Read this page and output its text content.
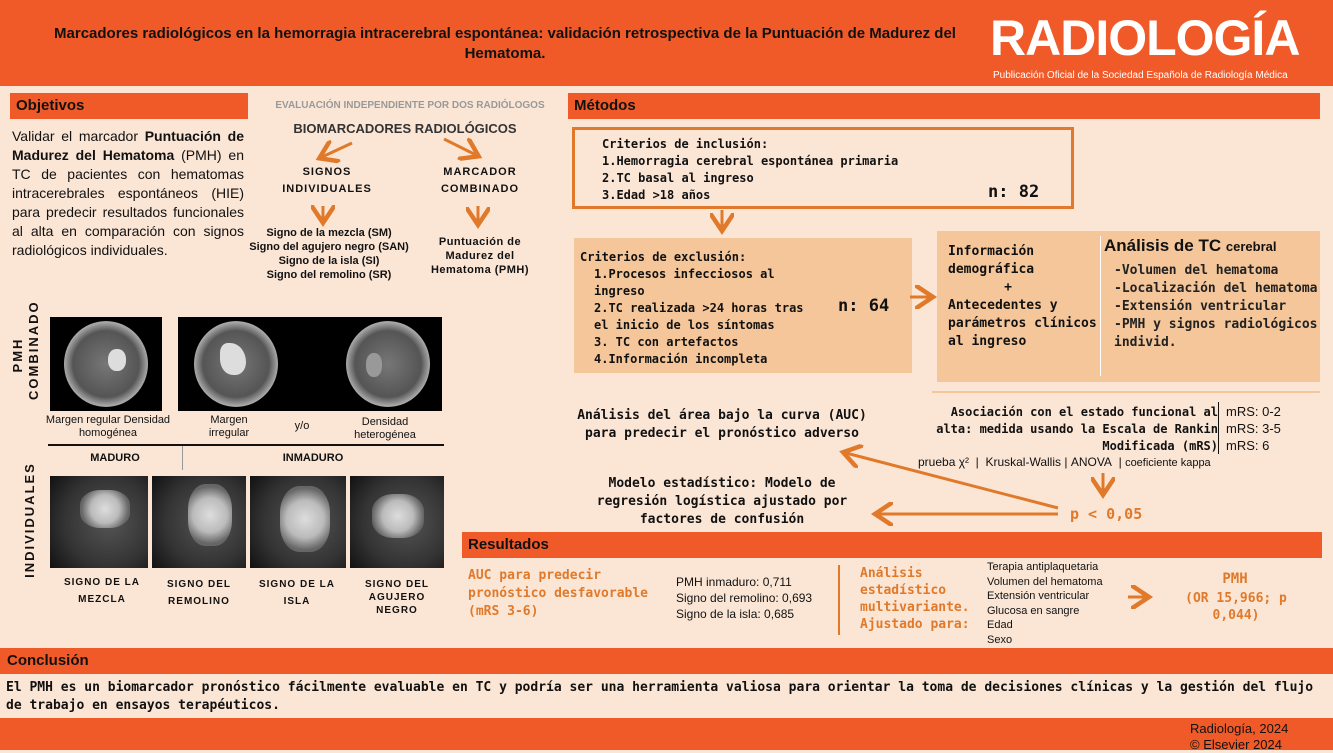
Marcadores radiológicos en la hemorragia intracerebral espontánea: validación retrospectiva de la Puntuación de Madurez del Hematoma.	RADIOLOGÍA
Publicación Oficial de la Sociedad Española de Radiología Médica
Objetivos
Validar el marcador Puntuación de Madurez del Hematoma (PMH) en TC de pacientes con hematomas intracerebrales espontáneos (HIE) para predecir resultados funcionales al alta en comparación con signos radiológicos individuales.
EVALUACIÓN INDEPENDIENTE POR DOS RADIÓLOGOS
BIOMARCADORES RADIOLÓGICOS
SIGNOS INDIVIDUALES
MARCADOR COMBINADO
Signo de la mezcla (SM)
Signo del agujero negro (SAN)
Signo de la isla (SI)
Signo del remolino (SR)
Puntuación de Madurez del Hematoma (PMH)
PMH COMBINADO
Margen regular Densidad homogénea
Margen irregular
y/o	Densidad heterogénea
MADURO	INMADURO
INDIVIDUALES
SIGNO DE LA MEZCLA
SIGNO DEL REMOLINO
SIGNO DE LA ISLA
SIGNO DEL AGUJERO NEGRO
Métodos
Criterios de inclusión:
1.Hemorragia cerebral espontánea primaria
2.TC basal al ingreso
3.Edad >18 años	n: 82
Criterios de exclusión:
1.Procesos infecciosos al ingreso
2.TC realizada >24 horas tras el inicio de los síntomas
3. TC con artefactos
4.Información incompleta
n: 64
Información demográfica
+
Antecedentes y parámetros clínicos al ingreso
Análisis de TC cerebral
-Volumen del hematoma
-Localización del hematoma
-Extensión ventricular
-PMH y signos radiológicos individ.
Asociación con el estado funcional al alta: medida usando la Escala de Rankin Modificada (mRS)
mRS: 0-2
mRS: 3-5
mRS: 6
prueba χ²  |  Kruskal-Wallis | ANOVA  | coeficiente kappa
Análisis del área bajo la curva (AUC) para predecir el pronóstico adverso
Modelo estadístico: Modelo de regresión logística ajustado por factores de confusión	p < 0,05
Resultados
AUC para predecir pronóstico desfavorable (mRS 3-6)
PMH inmaduro: 0,711
Signo del remolino: 0,693
Signo de la isla: 0,685
Análisis estadístico multivariante. Ajustado para:
Terapia antiplaquetaria
Volumen del hematoma
Extensión ventricular
Glucosa en sangre
Edad
Sexo
PMH
(OR 15,966; p 0,044)
Conclusión
El PMH es un biomarcador pronóstico fácilmente evaluable en TC y podría ser una herramienta valiosa para orientar la toma de decisiones clínicas y la gestión del flujo de trabajo en ensayos terapéuticos.
Radiología, 2024
© Elsevier 2024
